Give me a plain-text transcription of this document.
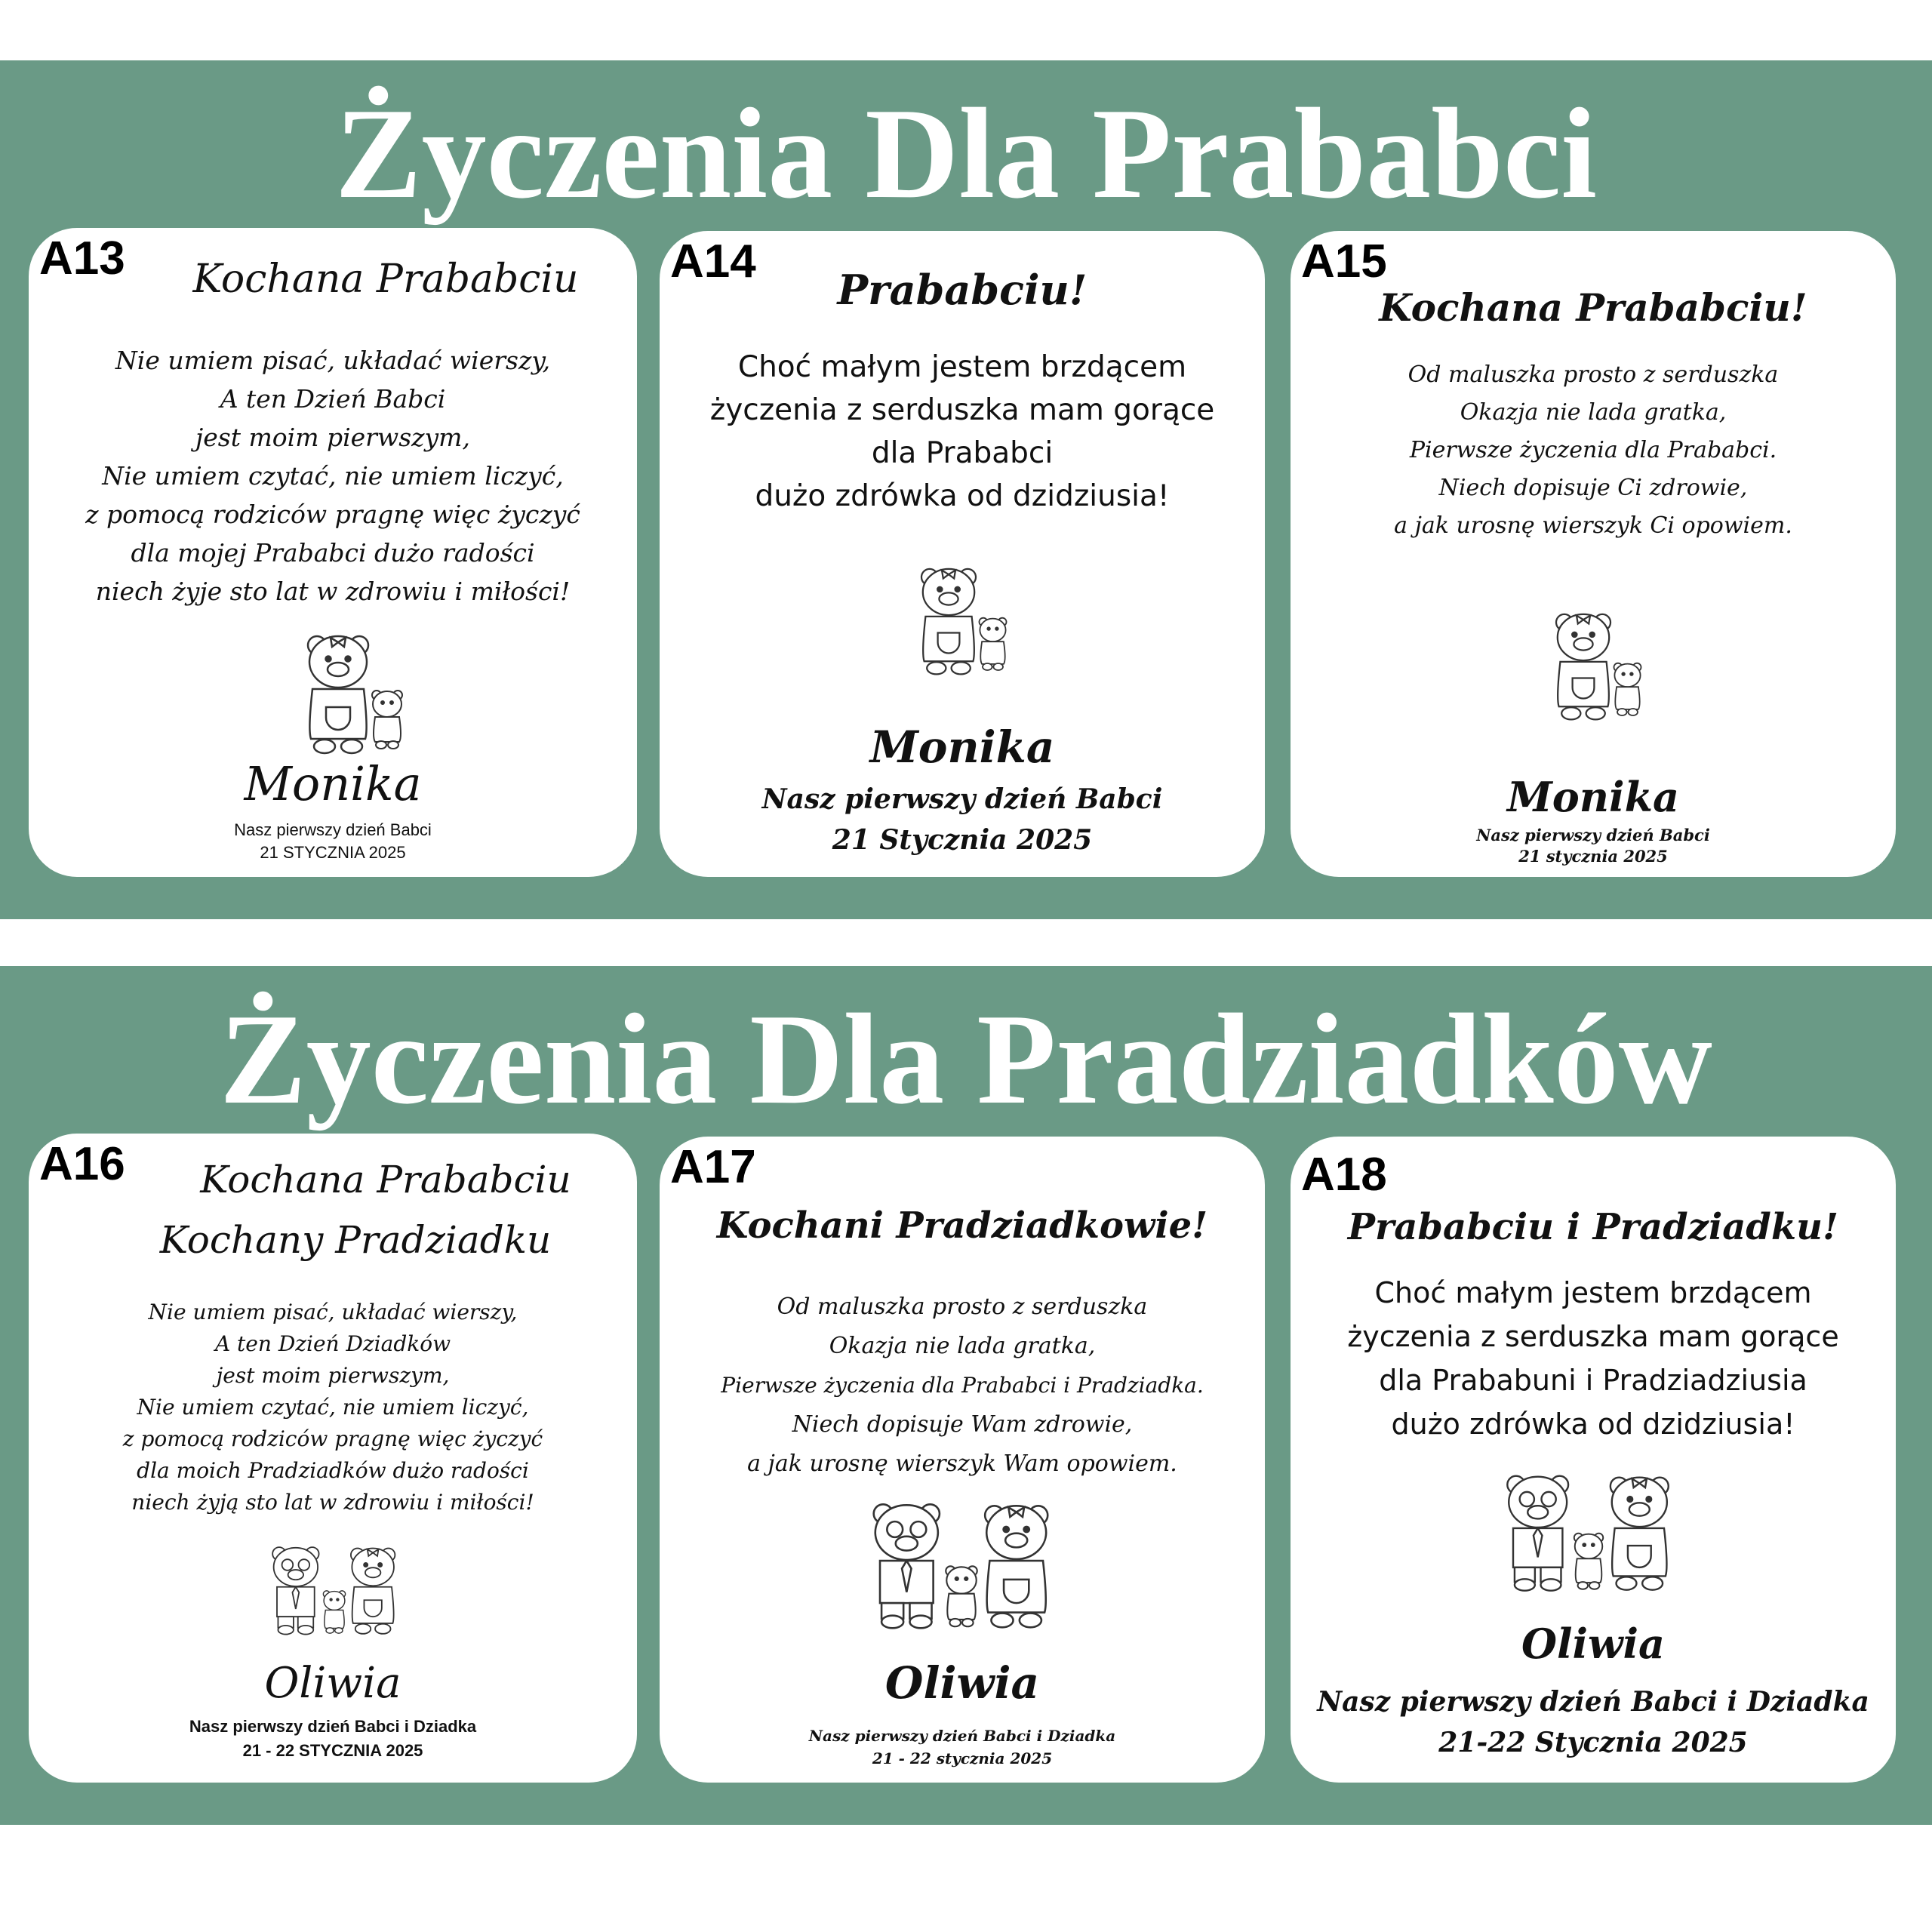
Życzenia Dla Prababci
Życzenia Dla Pradziadków
A13	Kochana Prababciu
Nie umiem pisać, układać wierszy,
A ten Dzień Babci
jest moim pierwszym,
Nie umiem czytać, nie umiem liczyć,
z pomocą rodziców pragnę więc życzyć
dla mojej Prababci dużo radości
niech żyje sto lat w zdrowiu i miłości!
Monika
Nasz pierwszy dzień Babci
21 STYCZNIA 2025
A14
Prababciu!
Choć małym jestem brzdącem
życzenia z serduszka mam gorące
dla Prababci
dużo zdrówka od dzidziusia!
Monika
Nasz pierwszy dzień Babci
21 Stycznia 2025
A15
Kochana Prababciu!
Od maluszka prosto z serduszka
Okazja nie lada gratka,
Pierwsze życzenia dla Prababci.
Niech dopisuje Ci zdrowie,
a jak urosnę wierszyk Ci opowiem.
Monika
Nasz pierwszy dzień Babci
21 stycznia 2025
A16	Kochana Prababciu
Kochany Pradziadku
Nie umiem pisać, układać wierszy,
A ten Dzień Dziadków
jest moim pierwszym,
Nie umiem czytać, nie umiem liczyć,
z pomocą rodziców pragnę więc życzyć
dla moich Pradziadków dużo radości
niech żyją sto lat w zdrowiu i miłości!
Oliwia
Nasz pierwszy dzień Babci i Dziadka
21 - 22 STYCZNIA 2025
A17
Kochani Pradziadkowie!
Od maluszka prosto z serduszka
Okazja nie lada gratka,
Pierwsze życzenia dla Prababci i Pradziadka.
Niech dopisuje Wam zdrowie,
a jak urosnę wierszyk Wam opowiem.
Oliwia
Nasz pierwszy dzień Babci i Dziadka
21 - 22 stycznia 2025
A18
Prababciu i Pradziadku!
Choć małym jestem brzdącem
życzenia z serduszka mam gorące
dla Prababuni i Pradziadziusia
dużo zdrówka od dzidziusia!
Oliwia
Nasz pierwszy dzień Babci i Dziadka
21-22 Stycznia 2025
